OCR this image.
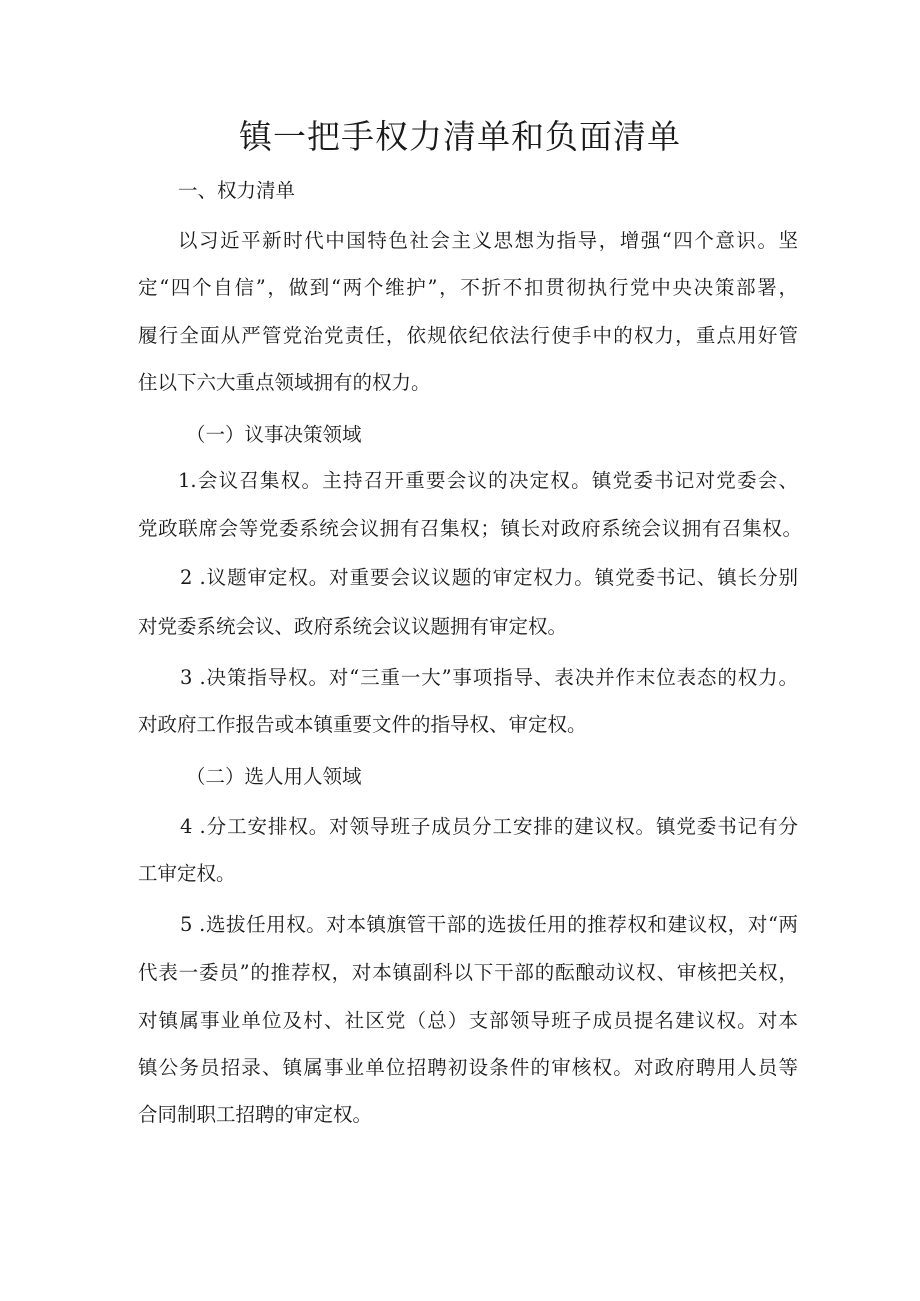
镇一把手权力清单和负面清单

一、权力清单

以习近平新时代中国特色社会主义思想为指导，增强“四个意识。坚

定“四个自信”，做到“两个维护”，不折不扣贯彻执行党中央决策部署，

履行全面从严管党治党责任，依规依纪依法行使手中的权力，重点用好管

住以下六大重点领域拥有的权力。

（一）议事决策领域

1.会议召集权。主持召开重要会议的决定权。镇党委书记对党委会、

党政联席会等党委系统会议拥有召集权；镇长对政府系统会议拥有召集权。

2 .议题审定权。对重要会议议题的审定权力。镇党委书记、镇长分别

对党委系统会议、政府系统会议议题拥有审定权。

3 .决策指导权。对“三重一大”事项指导、表决并作末位表态的权力。

对政府工作报告或本镇重要文件的指导权、审定权。

（二）选人用人领域

4 .分工安排权。对领导班子成员分工安排的建议权。镇党委书记有分

工审定权。

5 .选拔任用权。对本镇旗管干部的选拔任用的推荐权和建议权，对“两

代表一委员”的推荐权，对本镇副科以下干部的酝酿动议权、审核把关权，

对镇属事业单位及村、社区党（总）支部领导班子成员提名建议权。对本

镇公务员招录、镇属事业单位招聘初设条件的审核权。对政府聘用人员等

合同制职工招聘的审定权。
